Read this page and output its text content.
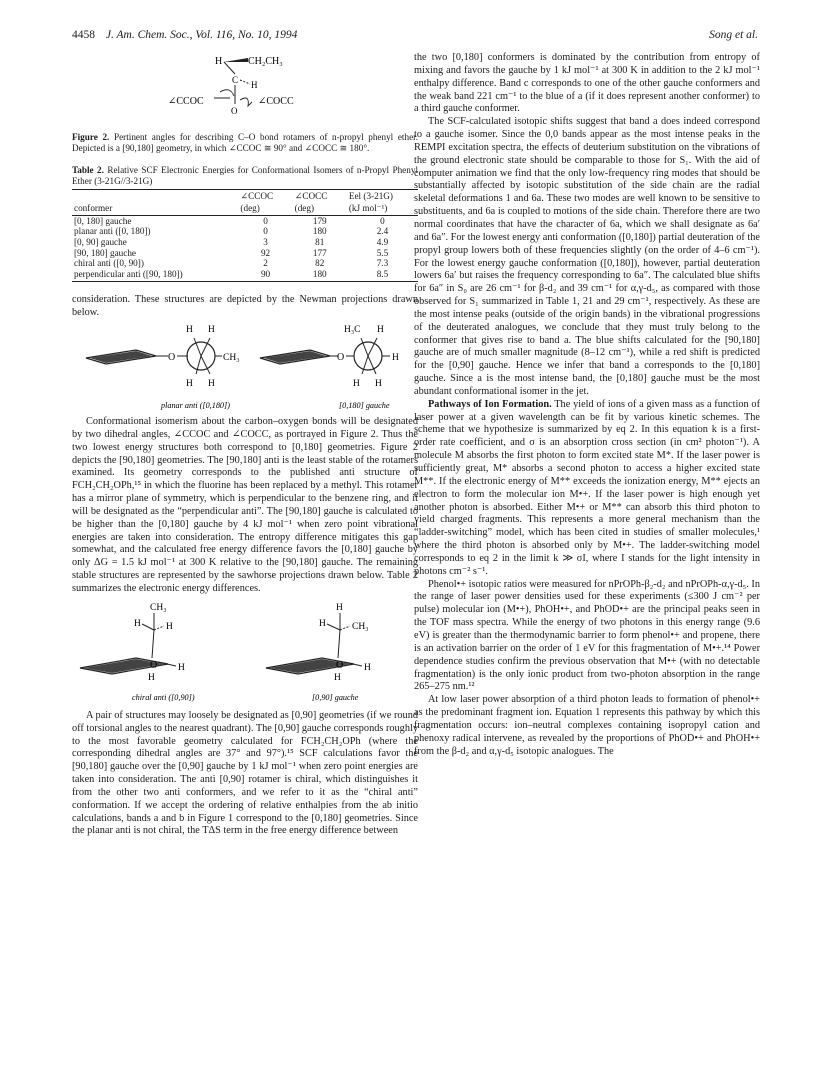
4458 J. Am. Chem. Soc., Vol. 116, No. 10, 1994	Song et al.
H	CH₂CH₃
C H
O
∠CCOC	∠COCC

Figure 2. Pertinent angles for describing C–O bond rotamers of n-propyl phenyl ether. Depicted is a [90,180] geometry, in which ∠CCOC ≅ 90° and ∠COCC ≅ 180°.

Table 2. Relative SCF Electronic Energies for Conformational Isomers of n-Propyl Phenyl Ether (3-21G//3-21G)
	∠CCOC	∠COCC	Eel (3-21G)
conformer	(deg)	(deg)	(kJ mol⁻¹)
[0, 180] gauche	0	179	0
planar anti ([0, 180])	0	180	2.4
[0, 90] gauche	3	81	4.9
[90, 180] gauche	92	177	5.5
chiral anti ([0, 90])	2	82	7.3
perpendicular anti ([90, 180])	90	180	8.5

consideration. These structures are depicted by the Newman projections drawn below.

O
H H
H H
CH₃
planar anti ([0,180])
O
H₃C H
H H
H
[0,180] gauche

Conformational isomerism about the carbon–oxygen bonds will be designated by two dihedral angles, ∠CCOC and ∠COCC, as portrayed in Figure 2. Thus the two lowest energy structures both correspond to [0,180] geometries. Figure 2 depicts the [90,180] geometries. The [90,180] anti is the least stable of the rotamers examined. Its geometry corresponds to the published anti structure of FCH₂CH₂OPh,¹⁵ in which the fluorine has been replaced by a methyl. This rotamer has a mirror plane of symmetry, which is perpendicular to the benzene ring, and it will be designated as the “perpendicular anti”. The [90,180] gauche is calculated to be higher than the [0,180] gauche by 4 kJ mol⁻¹ when zero point vibrational energies are taken into consideration. The entropy difference mitigates this gap somewhat, and the calculated free energy difference favors the [0,180] gauche by only ΔG = 1.5 kJ mol⁻¹ at 300 K relative to the [90,180] gauche. The remaining stable structures are represented by the sawhorse projections drawn below. Table 2 summarizes the electronic energy differences.

CH₃
H	H
O H
H
chiral anti ([0,90])
H
H	CH₃
O H
H
[0,90] gauche

A pair of structures may loosely be designated as [0,90] geometries (if we round off torsional angles to the nearest quadrant). The [0,90] gauche corresponds roughly to the most favorable geometry calculated for FCH₂CH₂OPh (where the corresponding dihedral angles are 37° and 97°).¹⁵ SCF calculations favor the [90,180] gauche over the [0,90] gauche by 1 kJ mol⁻¹ when zero point energies are taken into consideration. The anti [0,90] rotamer is chiral, which distinguishes it from the other two anti conformers, and we refer to it as the “chiral anti” conformation. If we accept the ordering of relative enthalpies from the ab initio calculations, bands a and b in Figure 1 correspond to the [0,180] geometries. Since the planar anti is not chiral, the TΔS term in the free energy difference between

the two [0,180] conformers is dominated by the contribution from entropy of mixing and favors the gauche by 1 kJ mol⁻¹ at 300 K in addition to the 2 kJ mol⁻¹ enthalpy difference. Band c corresponds to one of the other gauche conformers and the weak band 221 cm⁻¹ to the blue of a (if it does represent another conformer) to a third gauche conformer.

The SCF-calculated isotopic shifts suggest that band a does indeed correspond to a gauche isomer. Since the 0,0 bands appear as the most intense peaks in the REMPI excitation spectra, the effects of deuterium substitution on the vibrations of the ground electronic state should be comparable to those for S₁. With the aid of computer animation we find that the only low-frequency ring modes that should be substantially affected by isotopic substitution of the side chain are the radial skeletal deformations 1 and 6a. These two modes are well known to be sensitive to substituents, and 6a is coupled to motions of the side chain. Therefore there are two normal coordinates that have the character of 6a, which we shall designate as 6a′ and 6a″. For the lowest energy anti conformation ([0,180]) partial deuteration of the propyl group lowers both of these frequencies slightly (on the order of 4–6 cm⁻¹). For the lowest energy gauche conformation ([0,180]), however, partial deuteration lowers 6a′ but raises the frequency corresponding to 6a″. The calculated blue shifts for 6a″ in S₀ are 26 cm⁻¹ for β-d₂ and 39 cm⁻¹ for α,γ-d₅, as compared with those observed for S₁ summarized in Table 1, 21 and 29 cm⁻¹, respectively. As these are the most intense peaks (outside of the origin bands) in the vibrational progressions of the deuterated analogues, we conclude that they must truly belong to the conformer that gives rise to band a. The blue shifts calculated for the [90,180] gauche are of much smaller magnitude (8–12 cm⁻¹), while a red shift is predicted for the [0,90] gauche. Hence we infer that band a corresponds to the [0,180] gauche. Since a is the most intense band, the [0,180] gauche must be the most abundant conformational isomer in the jet.

Pathways of Ion Formation. The yield of ions of a given mass as a function of laser power at a given wavelength can be fit by various kinetic schemes. The scheme that we hypothesize is summarized by eq 2. In this equation k is a first-order rate coefficient, and σ is an absorption cross section (in cm² photon⁻¹). A molecule M absorbs the first photon to form excited state M*. If the laser power is sufficiently great, M* absorbs a second photon to access a higher excited state M**. If the electronic energy of M** exceeds the ionization energy, M** ejects an electron to form the molecular ion M•+. If the laser power is high enough yet another photon is absorbed. Either M•+ or M** can absorb this third photon to yield charged fragments. This represents a more general mechanism than the “ladder-switching” model, which has been cited in studies of smaller molecules,¹ where the third photon is absorbed only by M•+. The ladder-switching model corresponds to eq 2 in the limit k ≫ σI, where I stands for the light intensity in photons cm⁻² s⁻¹.

Phenol•+ isotopic ratios were measured for nPrOPh-β₂-d₂ and nPrOPh-α,γ-d₅. In the range of laser power densities used for these experiments (≤300 J cm⁻² per pulse) molecular ion (M•+), PhOH•+, and PhOD•+ are the principal peaks seen in the TOF mass spectra. While the energy of two photons in this energy range (9.6 eV) is greater than the thermodynamic barrier to form phenol•+ and propene, there is an activation barrier on the order of 1 eV for this fragmentation of M•+.¹⁴ Power dependence studies confirm the previous observation that M•+ (with no detectable fragmentation) is the only ionic product from two-photon absorption in the range 265–275 nm.¹²

At low laser power absorption of a third photon leads to formation of phenol•+ as the predominant fragment ion. Equation 1 represents this pathway by which this fragmentation occurs: ion–neutral complexes containing isopropyl cation and phenoxy radical intervene, as revealed by the proportions of PhOD•+ and PhOH•+ from the β-d₂ and α,γ-d₅ isotopic analogues. The
